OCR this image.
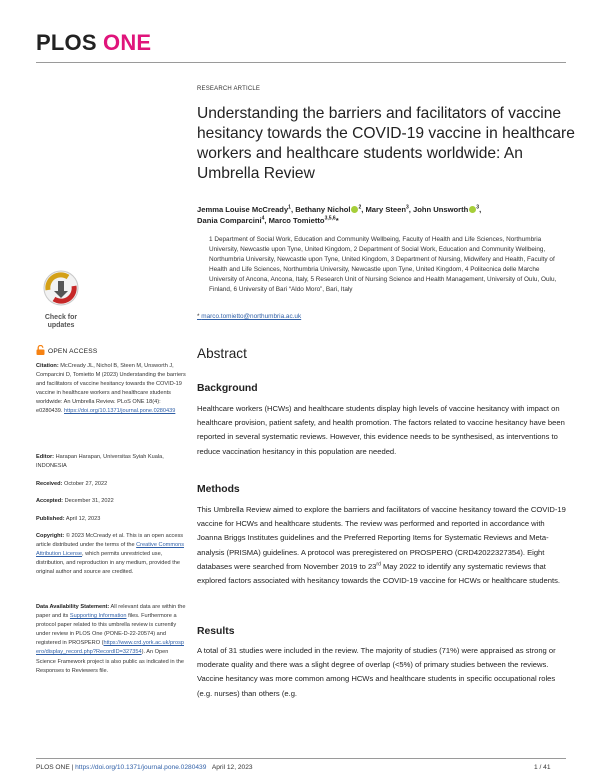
PLOS ONE
RESEARCH ARTICLE
Understanding the barriers and facilitators of vaccine hesitancy towards the COVID-19 vaccine in healthcare workers and healthcare students worldwide: An Umbrella Review
Jemma Louise McCready$^1$, Bethany Nichol $^2$, Mary Steen$^3$, John Unsworth $^3$,
Dania Comparcini$^4$, Marco Tomietto$^{3,5,6}$*
1 Department of Social Work, Education and Community Wellbeing, Faculty of Health and Life Sciences, Northumbria University, Newcastle upon Tyne, United Kingdom, 2 Department of Social Work, Education and Community Wellbeing, Northumbria University, Newcastle upon Tyne, United Kingdom, 3 Department of Nursing, Midwifery and Health, Faculty of Health and Life Sciences, Northumbria University, Newcastle upon Tyne, United Kingdom, 4 Politecnica delle Marche University of Ancona, Ancona, Italy, 5 Research Unit of Nursing Science and Health Management, University of Oulu, Oulu, Finland, 6 University of Bari “Aldo Moro”, Bari, Italy
* marco.tomietto@northumbria.ac.uk
Abstract
Background
Healthcare workers (HCWs) and healthcare students display high levels of vaccine hesitancy with impact on healthcare provision, patient safety, and health promotion. The factors related to vaccine hesitancy have been reported in several systematic reviews. However, this evidence needs to be synthesised, as interventions to reduce vaccination hesitancy in this population are needed.
Methods
This Umbrella Review aimed to explore the barriers and facilitators of vaccine hesitancy toward the COVID-19 vaccine for HCWs and healthcare students. The review was performed and reported in accordance with Joanna Briggs Institutes guidelines and the Preferred Reporting Items for Systematic Reviews and Meta-analysis (PRISMA) guidelines. A protocol was preregistered on PROSPERO (CRD42022327354). Eight databases were searched from November 2019 to 23rd May 2022 to identify any systematic reviews that explored factors associated with hesitancy towards the COVID-19 vaccine for HCWs or healthcare students.
Results
A total of 31 studies were included in the review. The majority of studies (71%) were appraised as strong or moderate quality and there was a slight degree of overlap (<5%) of primary studies between the reviews. Vaccine hesitancy was more common among HCWs and healthcare students in specific occupational roles (e.g. nurses) than others (e.g.
Check for
updates
OPEN ACCESS
Citation: McCready JL, Nichol B, Steen M, Unsworth J, Comparcini D, Tomietto M (2023) Understanding the barriers and facilitators of vaccine hesitancy towards the COVID-19 vaccine in healthcare workers and healthcare students worldwide: An Umbrella Review. PLoS ONE 18(4): e0280439. https://doi.org/10.1371/journal.pone.0280439
Editor: Harapan Harapan, Universitas Syiah Kuala, INDONESIA
Received: October 27, 2022
Accepted: December 31, 2022
Published: April 12, 2023
Copyright: © 2023 McCready et al. This is an open access article distributed under the terms of the Creative Commons Attribution License, which permits unrestricted use, distribution, and reproduction in any medium, provided the original author and source are credited.
Data Availability Statement: All relevant data are within the paper and its Supporting Information files. Furthermore a protocol paper related to this umbrella review is currently under review in PLOS One (PONE-D-22-20574) and registered in PROSPERO (https://www.crd.york.ac.uk/prospero/display_record.php?RecordID=327354). An Open Science Framework project is also public as indicated in the Responses to Reviewers file.
PLOS ONE | https://doi.org/10.1371/journal.pone.0280439 April 12, 2023	1 / 41
